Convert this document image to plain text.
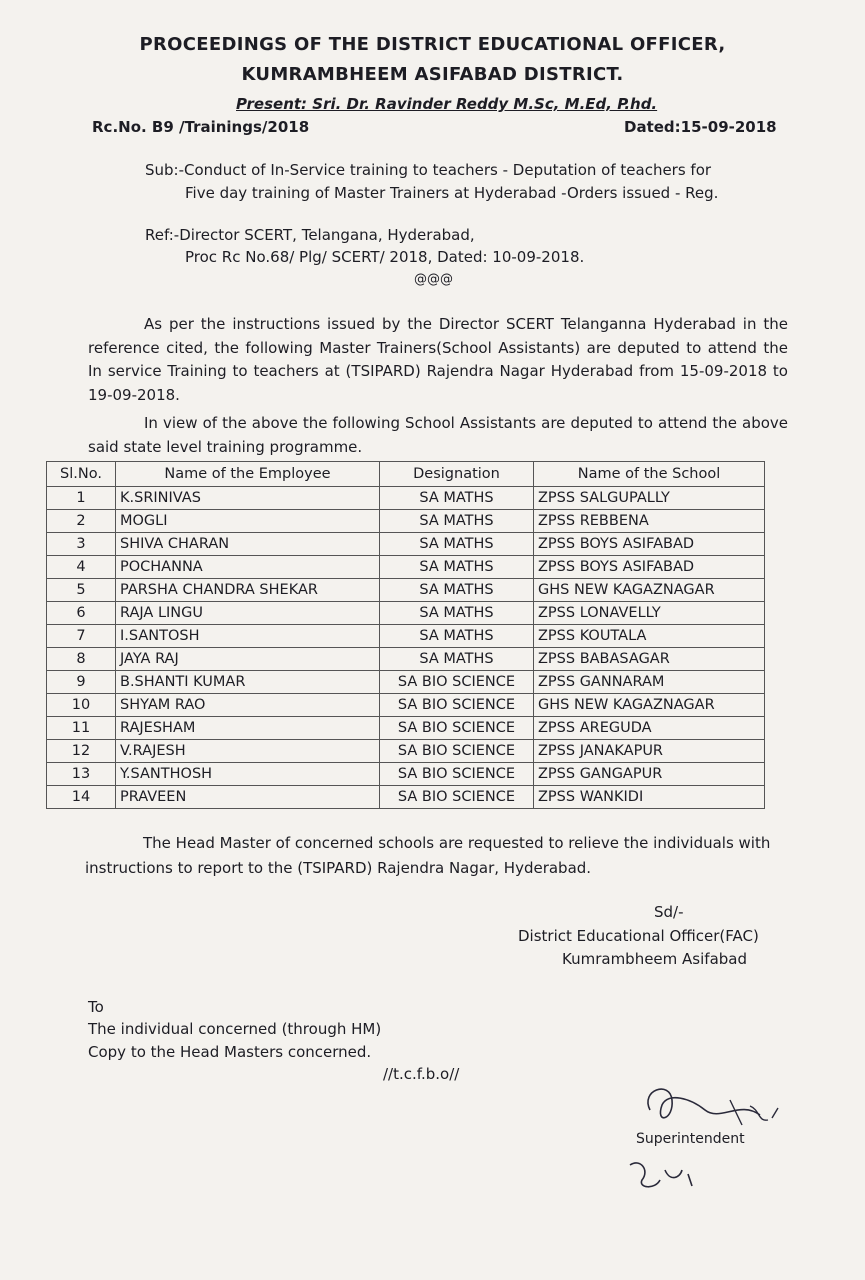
PROCEEDINGS OF THE DISTRICT EDUCATIONAL OFFICER,
KUMRAMBHEEM ASIFABAD DISTRICT.
Present: Sri. Dr. Ravinder Reddy M.Sc, M.Ed, P.hd.
Rc.No. B9 /Trainings/2018	Dated:15-09-2018
Sub:-Conduct of In-Service training to teachers - Deputation of teachers for
Five day training of Master Trainers at Hyderabad -Orders issued - Reg.
Ref:-Director SCERT, Telangana, Hyderabad,
Proc Rc No.68/ Plg/ SCERT/ 2018, Dated: 10-09-2018.
@@@
As per the instructions issued by the Director SCERT Telanganna Hyderabad in the reference cited, the following Master Trainers(School Assistants) are deputed to attend the In service Training to teachers at (TSIPARD) Rajendra Nagar Hyderabad from 15-09-2018 to 19-09-2018.
In view of the above the following School Assistants are deputed to attend the above said state level training programme.
Sl.No.	Name of the Employee	Designation	Name of the School
1	K.SRINIVAS	SA MATHS	ZPSS SALGUPALLY
2	MOGLI	SA MATHS	ZPSS REBBENA
3	SHIVA CHARAN	SA MATHS	ZPSS BOYS ASIFABAD
4	POCHANNA	SA MATHS	ZPSS BOYS ASIFABAD
5	PARSHA CHANDRA SHEKAR	SA MATHS	GHS NEW KAGAZNAGAR
6	RAJA LINGU	SA MATHS	ZPSS LONAVELLY
7	I.SANTOSH	SA MATHS	ZPSS KOUTALA
8	JAYA RAJ	SA MATHS	ZPSS BABASAGAR
9	B.SHANTI KUMAR	SA BIO SCIENCE	ZPSS GANNARAM
10	SHYAM RAO	SA BIO SCIENCE	GHS NEW KAGAZNAGAR
11	RAJESHAM	SA BIO SCIENCE	ZPSS AREGUDA
12	V.RAJESH	SA BIO SCIENCE	ZPSS JANAKAPUR
13	Y.SANTHOSH	SA BIO SCIENCE	ZPSS GANGAPUR
14	PRAVEEN	SA BIO SCIENCE	ZPSS WANKIDI
The Head Master of concerned schools are requested to relieve the individuals with instructions to report to the (TSIPARD) Rajendra Nagar, Hyderabad.
Sd/-
District Educational Officer(FAC)
Kumrambheem Asifabad
To
The individual concerned (through HM)
Copy to the Head Masters concerned.
//t.c.f.b.o//
Superintendent
